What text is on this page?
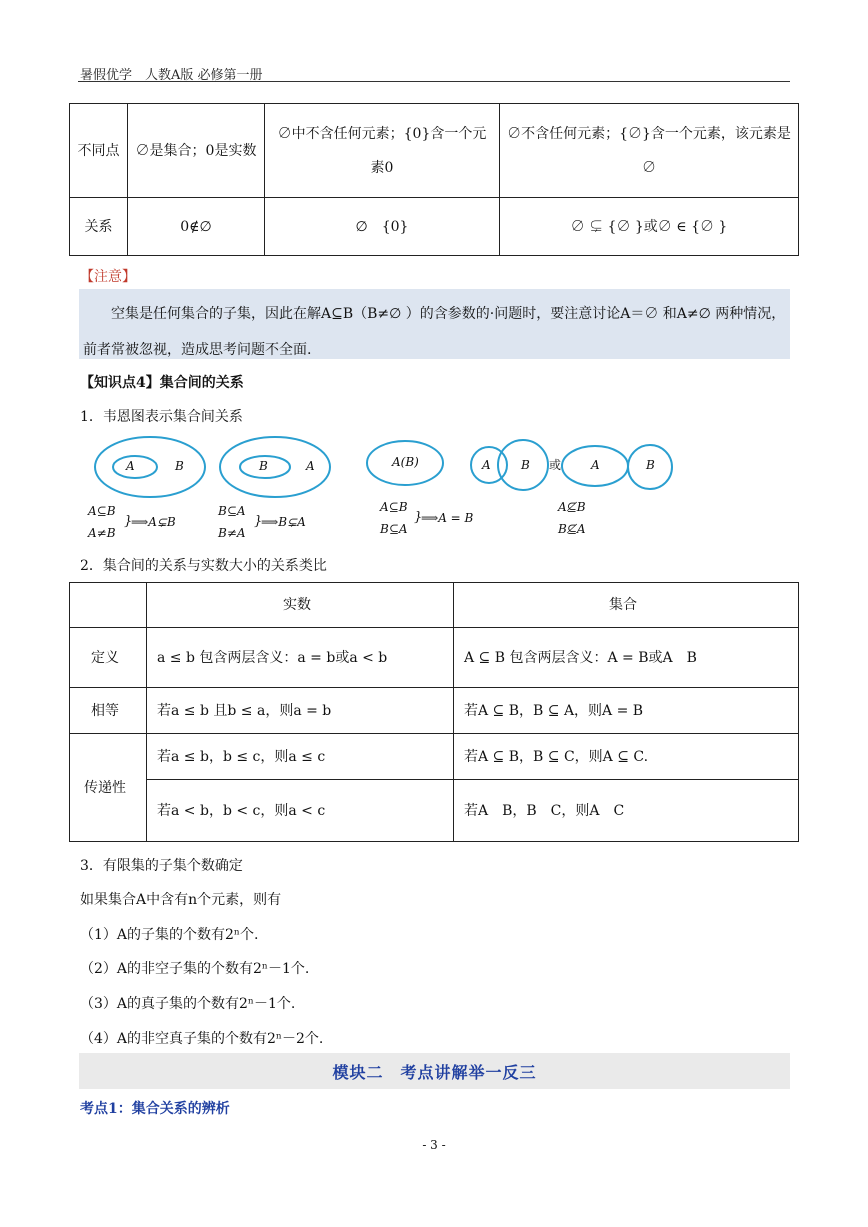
暑假优学　人教A版 必修第一册
不同点	∅是集合；0是实数	∅中不含任何元素；{0}含一个元素0	∅不含任何元素；{∅}含一个元素，该元素是∅
关系	0∉∅	∅　{0}	∅ ⊊ {∅ }或∅ ∈ {∅ }
【注意】
空集是任何集合的子集，因此在解A⊆B（B≠∅ ）的含参数的·问题时，要注意讨论A＝∅ 和A≠∅ 两种情况，前者常被忽视，造成思考问题不全面.
【知识点4】集合间的关系
1．韦恩图表示集合间关系
A	B	B	A	A(B)	A	B 或 A	B
A⊆B
A≠B
}
⟹A⊊B
B⊆A
B≠A
}
⟹B⊊A
A⊆B
B⊆A
}
⟹A = B
A⊈B
B⊈A
2．集合间的关系与实数大小的关系类比
	实数	集合
定义	a ≤ b 包含两层含义：a = b或a < b	A ⊆ B 包含两层含义：A = B或A　B
相等	若a ≤ b 且b ≤ a，则a = b	若A ⊆ B，B ⊆ A，则A = B
传递性	若a ≤ b，b ≤ c，则a ≤ c	若A ⊆ B，B ⊆ C，则A ⊆ C.
	若a < b，b < c，则a < c	若A　B，B　C，则A　C
3．有限集的子集个数确定
如果集合A中含有n个元素，则有
（1）A的子集的个数有2ⁿ个.
（2）A的非空子集的个数有2ⁿ－1个.
（3）A的真子集的个数有2ⁿ－1个.
（4）A的非空真子集的个数有2ⁿ－2个.
模块二　考点讲解举一反三
考点1：集合关系的辨析
- 3 -
